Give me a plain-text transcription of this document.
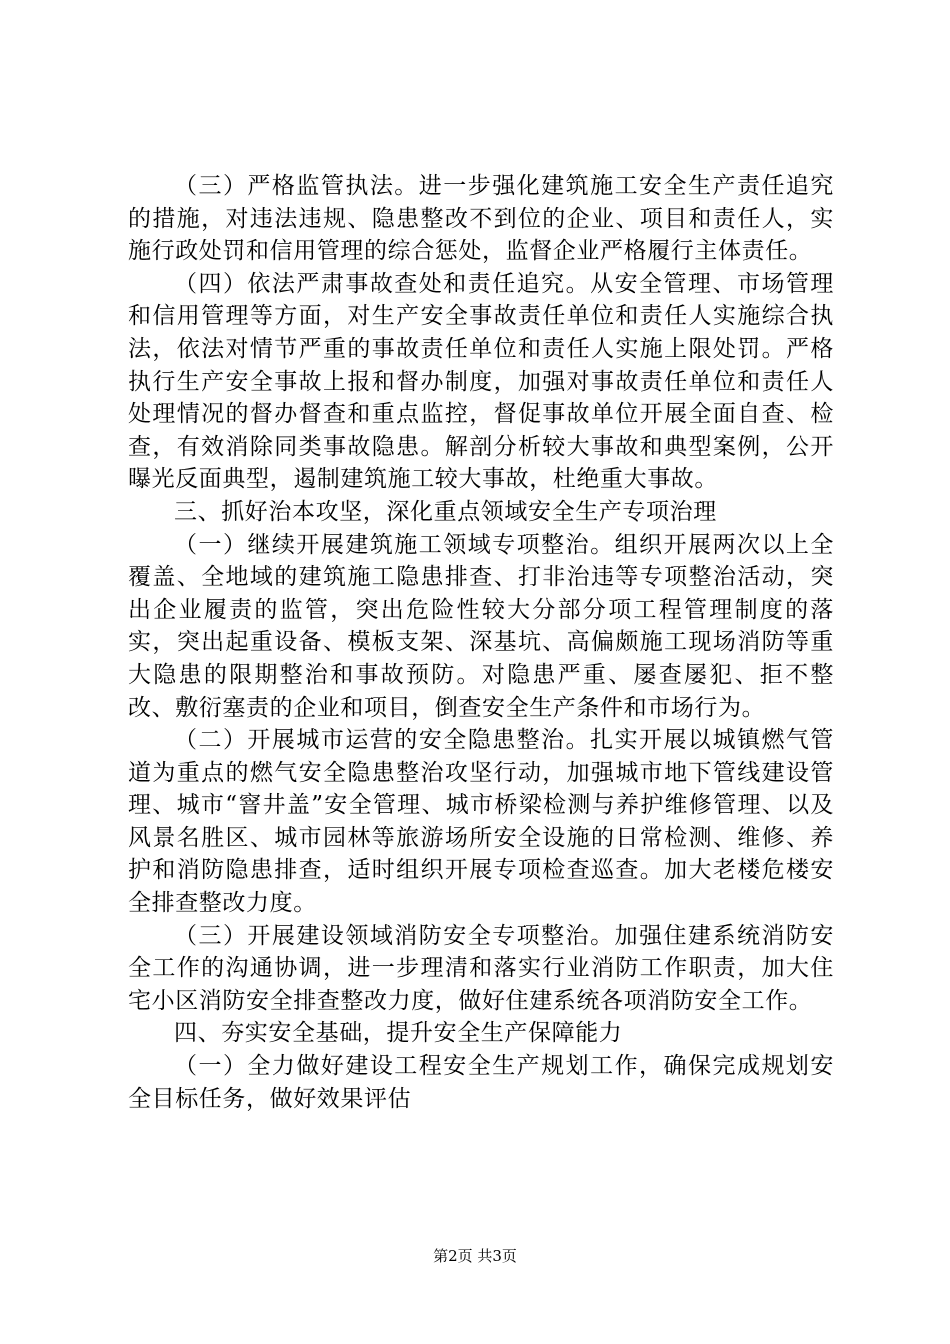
（三）严格监管执法。进一步强化建筑施工安全生产责任追究的措施，对违法违规、隐患整改不到位的企业、项目和责任人，实施行政处罚和信用管理的综合惩处，监督企业严格履行主体责任。

（四）依法严肃事故查处和责任追究。从安全管理、市场管理和信用管理等方面，对生产安全事故责任单位和责任人实施综合执法，依法对情节严重的事故责任单位和责任人实施上限处罚。严格执行生产安全事故上报和督办制度，加强对事故责任单位和责任人处理情况的督办督查和重点监控，督促事故单位开展全面自查、检查，有效消除同类事故隐患。解剖分析较大事故和典型案例，公开曝光反面典型，遏制建筑施工较大事故，杜绝重大事故。

三、抓好治本攻坚，深化重点领域安全生产专项治理

（一）继续开展建筑施工领域专项整治。组织开展两次以上全覆盖、全地域的建筑施工隐患排查、打非治违等专项整治活动，突出企业履责的监管，突出危险性较大分部分项工程管理制度的落实，突出起重设备、模板支架、深基坑、高偏颇施工现场消防等重大隐患的限期整治和事故预防。对隐患严重、屡查屡犯、拒不整改、敷衍塞责的企业和项目，倒查安全生产条件和市场行为。

（二）开展城市运营的安全隐患整治。扎实开展以城镇燃气管道为重点的燃气安全隐患整治攻坚行动，加强城市地下管线建设管理、城市“窨井盖”安全管理、城市桥梁检测与养护维修管理、以及风景名胜区、城市园林等旅游场所安全设施的日常检测、维修、养护和消防隐患排查，适时组织开展专项检查巡查。加大老楼危楼安全排查整改力度。

（三）开展建设领域消防安全专项整治。加强住建系统消防安全工作的沟通协调，进一步理清和落实行业消防工作职责，加大住宅小区消防安全排查整改力度，做好住建系统各项消防安全工作。

四、夯实安全基础，提升安全生产保障能力

（一）全力做好建设工程安全生产规划工作，确保完成规划安全目标任务，做好效果评估

第2页 共3页
